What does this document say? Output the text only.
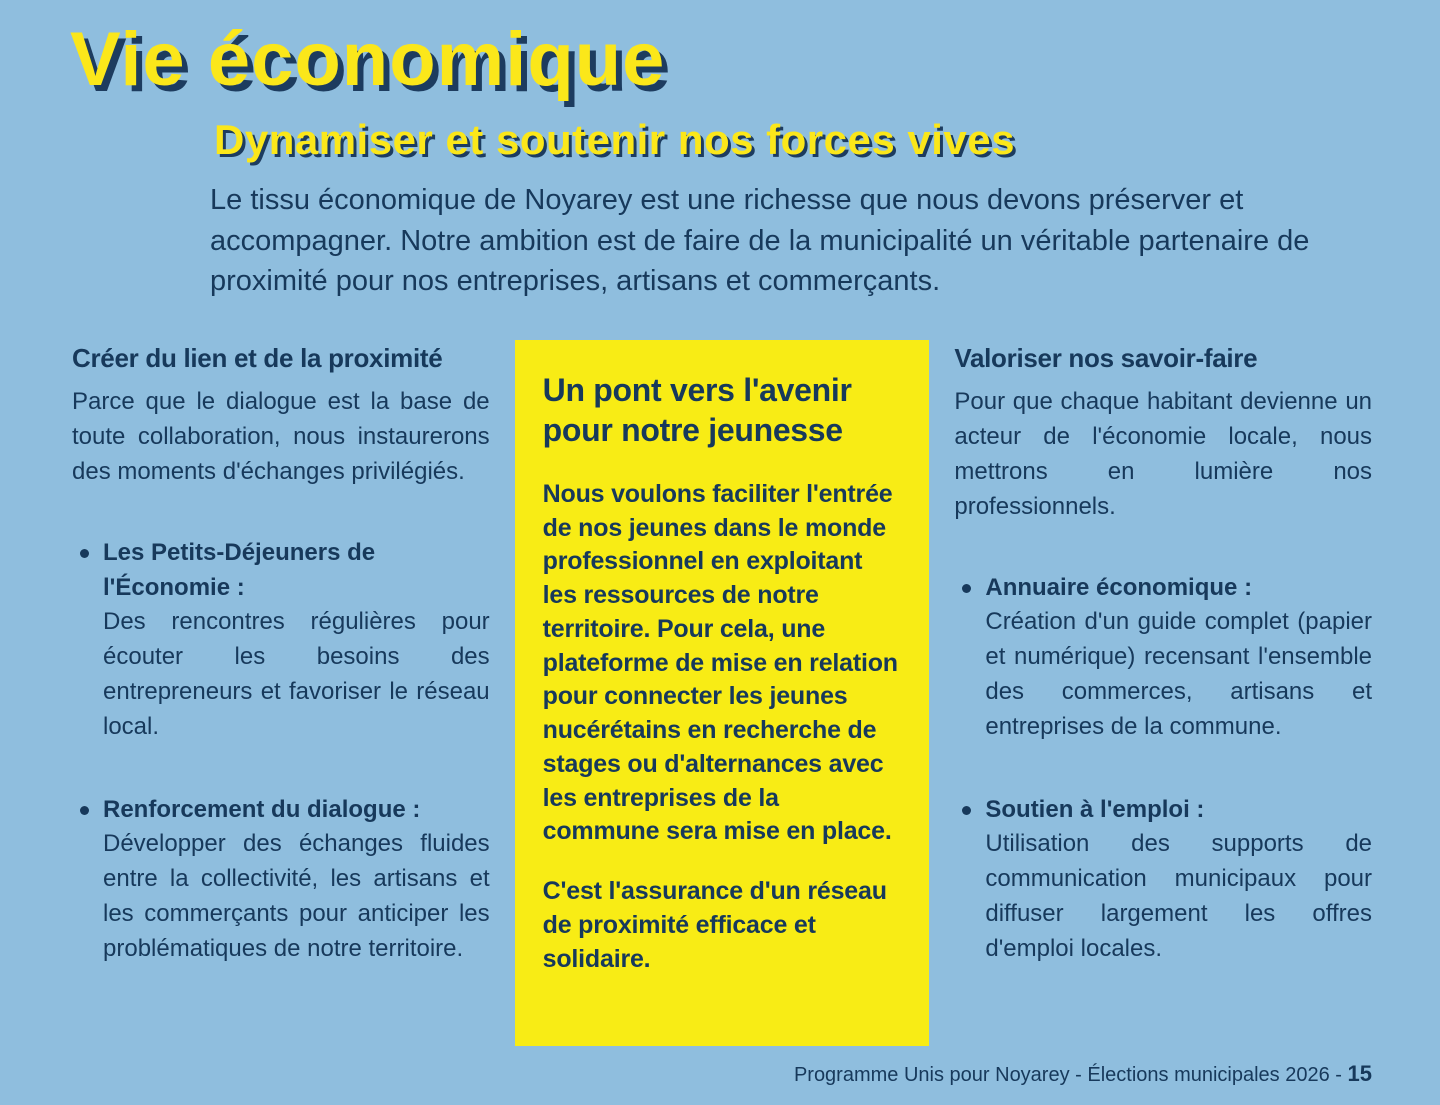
Vie économique
Dynamiser et soutenir nos forces vives

Le tissu économique de Noyarey est une richesse que nous devons préserver et accompagner. Notre ambition est de faire de la municipalité un véritable partenaire de proximité pour nos entreprises, artisans et commerçants.

Créer du lien et de la proximité

Parce que le dialogue est la base de toute collaboration, nous instaurerons des moments d'échanges privilégiés.

Les Petits-Déjeuners de l'Économie :
Des rencontres régulières pour écouter les besoins des entrepreneurs et favoriser le réseau local.
Renforcement du dialogue :
Développer des échanges fluides entre la collectivité, les artisans et les commerçants pour anticiper les problématiques de notre territoire.
Un pont vers l'avenir pour notre jeunesse

Nous voulons faciliter l'entrée de nos jeunes dans le monde professionnel en exploitant les ressources de notre territoire. Pour cela, une plateforme de mise en relation pour connecter les jeunes nucérétains en recherche de stages ou d'alternances avec les entreprises de la commune sera mise en place.

C'est l'assurance d'un réseau de proximité efficace et solidaire.

Valoriser nos savoir-faire

Pour que chaque habitant devienne un acteur de l'économie locale, nous mettrons en lumière nos professionnels.

Annuaire économique :
Création d'un guide complet (papier et numérique) recensant l'ensemble des commerces, artisans et entreprises de la commune.
Soutien à l'emploi :
Utilisation des supports de communication municipaux pour diffuser largement les offres d'emploi locales.
Programme Unis pour Noyarey - Élections municipales 2026 - 15
